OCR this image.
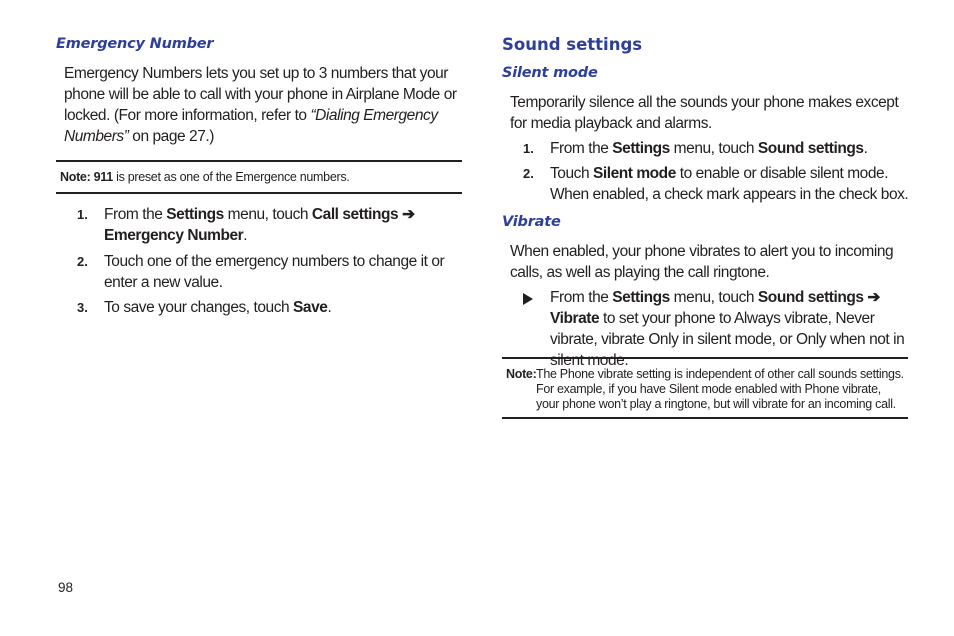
Emergency Number

Emergency Numbers lets you set up to 3 numbers that your phone will be able to call with your phone in Airplane Mode or locked. (For more information, refer to “Dialing Emergency Numbers” on page 27.)

Note: 911 is preset as one of the Emergence numbers.
1. From the Settings menu, touch Call settings ➔ Emergency Number.

2. Touch one of the emergency numbers to change it or enter a new value.

3. To save your changes, touch Save.

Sound settings
Silent mode

Temporarily silence all the sounds your phone makes except for media playback and alarms.

1. From the Settings menu, touch Sound settings.

2. Touch Silent mode to enable or disable silent mode. When enabled, a check mark appears in the check box.

Vibrate

When enabled, your phone vibrates to alert you to incoming calls, as well as playing the call ringtone.

From the Settings menu, touch Sound settings ➔ Vibrate to set your phone to Always vibrate, Never vibrate, vibrate Only in silent mode, or Only when not in silent mode.

Note: The Phone vibrate setting is independent of other call sounds settings. For example, if you have Silent mode enabled with Phone vibrate, your phone won’t play a ringtone, but will vibrate for an incoming call.
98
